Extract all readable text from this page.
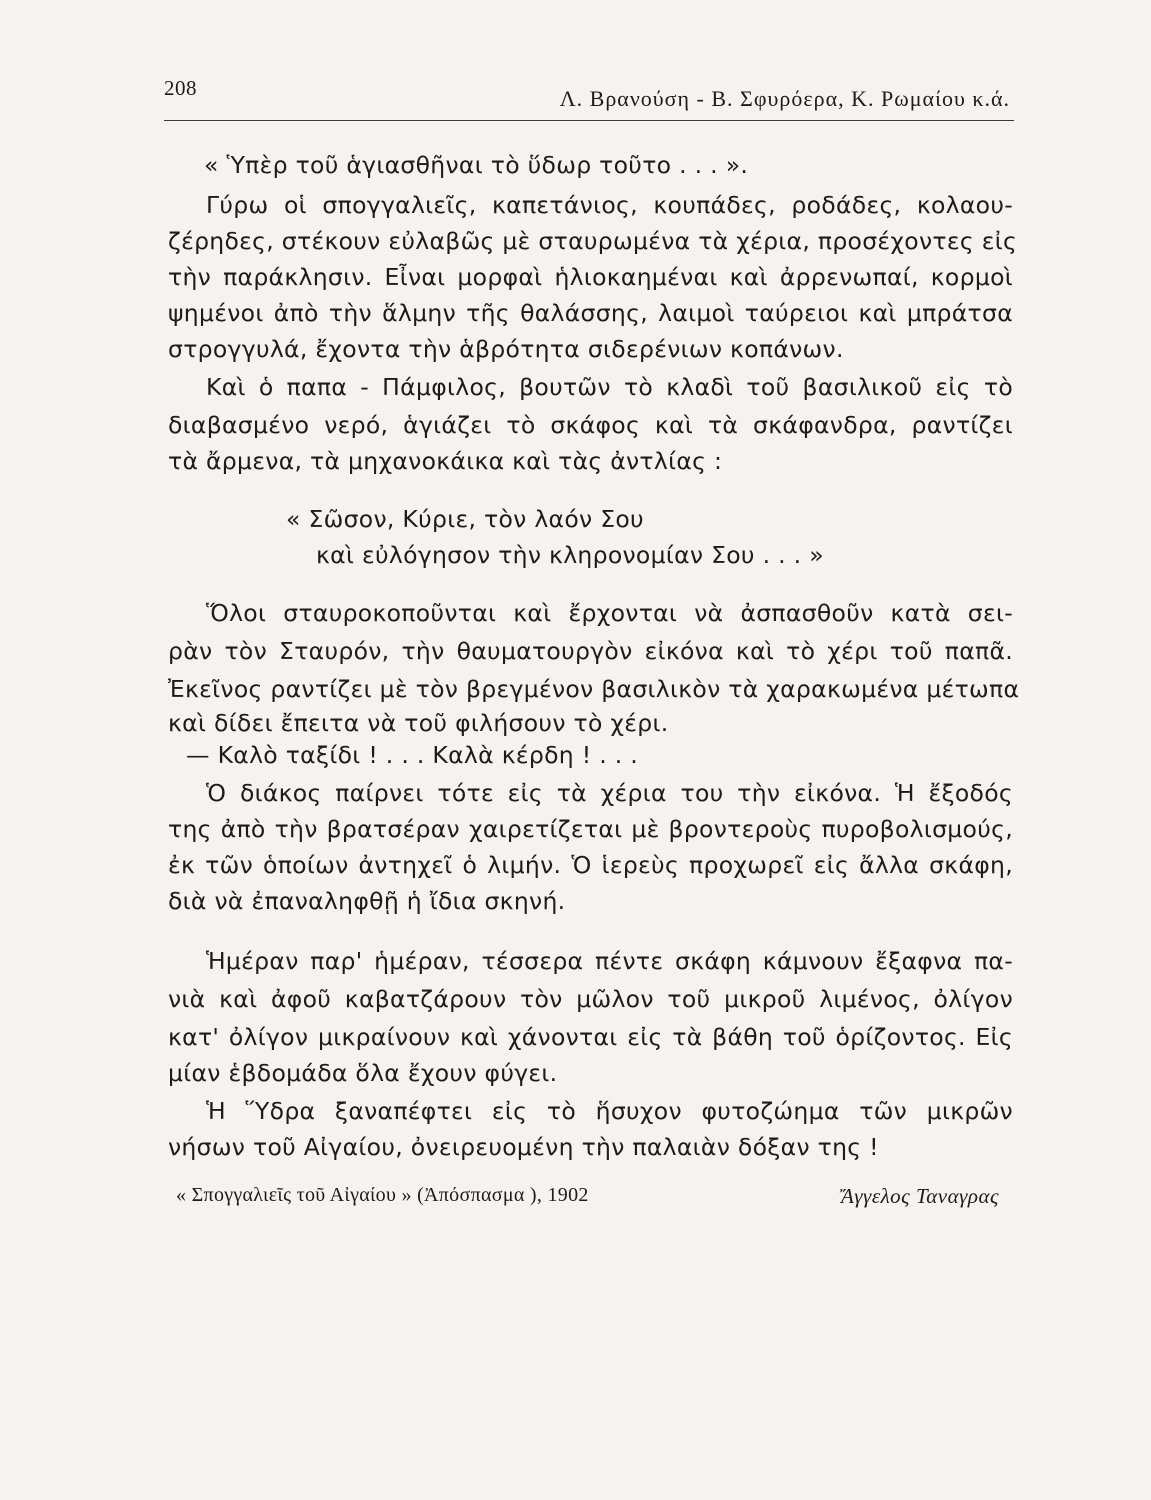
208	Λ. Βρανούση - Β. Σφυρόερα, Κ. Ρωμαίου κ.ά.
« Ὑπὲρ τοῦ ἁγιασθῆναι τὸ ὕδωρ τοῦτο . . . ».
Γύρω οἱ σπογγαλιεῖς, καπετάνιος, κουπάδες, ροδάδες, κολαου-
ζέρηδες, στέκουν εὐλαβῶς μὲ σταυρωμένα τὰ χέρια, προσέχοντες εἰς
τὴν παράκλησιν. Εἶναι μορφαὶ ἡλιοκαημέναι καὶ ἀρρενωπαί, κορμοὶ
ψημένοι ἀπὸ τὴν ἅλμην τῆς θαλάσσης, λαιμοὶ ταύρειοι καὶ μπράτσα
στρογγυλά, ἔχοντα τὴν ἁβρότητα σιδερένιων κοπάνων.
Καὶ ὁ παπα - Πάμφιλος, βουτῶν τὸ κλαδὶ τοῦ βασιλικοῦ εἰς τὸ
διαβασμένο νερό, ἁγιάζει τὸ σκάφος καὶ τὰ σκάφανδρα, ραντίζει
τὰ ἄρμενα, τὰ μηχανοκάικα καὶ τὰς ἀντλίας :
« Σῶσον, Κύριε, τὸν λαόν Σου
καὶ εὐλόγησον τὴν κληρονομίαν Σου . . . »
Ὅλοι σταυροκοποῦνται καὶ ἔρχονται νὰ ἀσπασθοῦν κατὰ σει-
ρὰν τὸν Σταυρόν, τὴν θαυματουργὸν εἰκόνα καὶ τὸ χέρι τοῦ παπᾶ.
Ἐκεῖνος ραντίζει μὲ τὸν βρεγμένον βασιλικὸν τὰ χαρακωμένα μέτωπα
καὶ δίδει ἔπειτα νὰ τοῦ φιλήσουν τὸ χέρι.
— Καλὸ ταξίδι ! . . . Καλὰ κέρδη ! . . .
Ὁ διάκος παίρνει τότε εἰς τὰ χέρια του τὴν εἰκόνα. Ἡ ἔξοδός
της ἀπὸ τὴν βρατσέραν χαιρετίζεται μὲ βροντεροὺς πυροβολισμούς,
ἐκ τῶν ὁποίων ἀντηχεῖ ὁ λιμήν. Ὁ ἱερεὺς προχωρεῖ εἰς ἄλλα σκάφη,
διὰ νὰ ἐπαναληφθῇ ἡ ἴδια σκηνή.
Ἡμέραν παρ' ἡμέραν, τέσσερα πέντε σκάφη κάμνουν ἔξαφνα πα-
νιὰ καὶ ἀφοῦ καβατζάρουν τὸν μῶλον τοῦ μικροῦ λιμένος, ὀλίγον
κατ' ὀλίγον μικραίνουν καὶ χάνονται εἰς τὰ βάθη τοῦ ὁρίζοντος. Εἰς
μίαν ἑβδομάδα ὅλα ἔχουν φύγει.
Ἡ Ὕδρα ξαναπέφτει εἰς τὸ ἥσυχον φυτοζώημα τῶν μικρῶν
νήσων τοῦ Αἰγαίου, ὀνειρευομένη τὴν παλαιὰν δόξαν της !
« Σπογγαλιεῖς τοῦ Αἰγαίου » (Ἀπόσπασμα ), 1902	Ἄγγελος Ταναγρας
